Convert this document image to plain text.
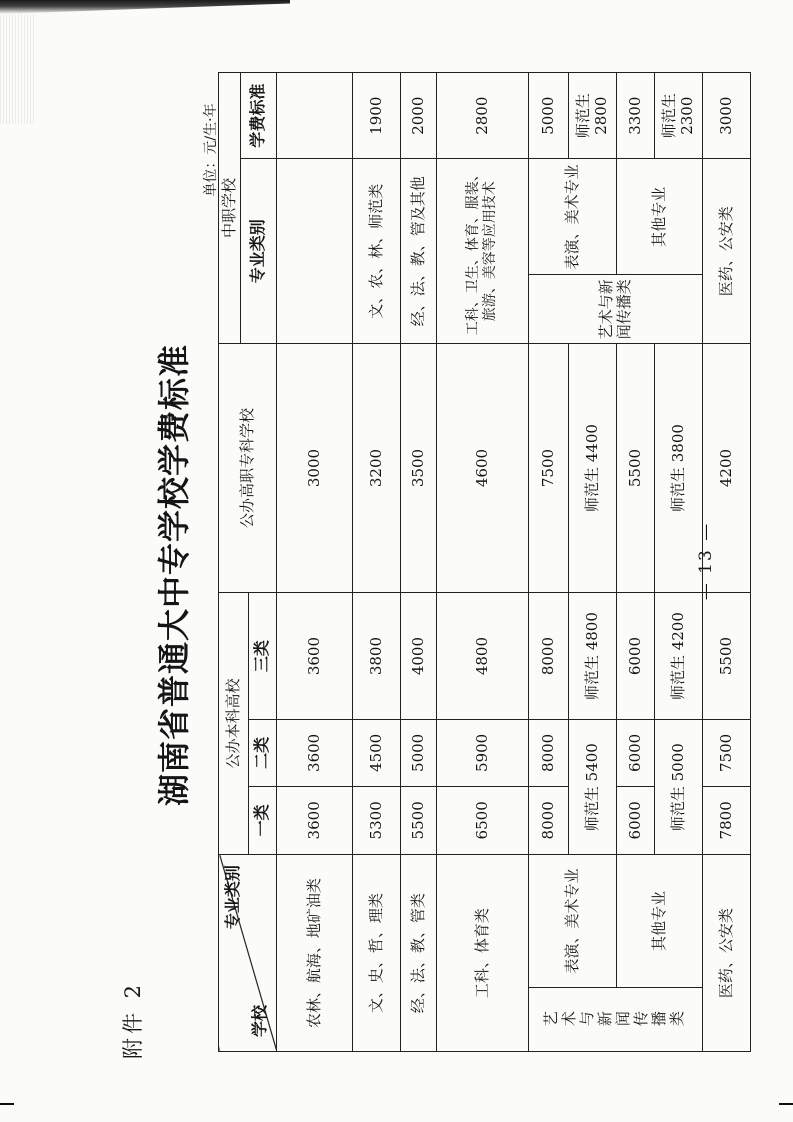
附件 2
湖南省普通大中专学校学费标准
单位：元/生·年
— 13 —
专业类别
学校		公办本科高校			公办高职专科学校	中职学校		
						专业类别		学费标准
		一类	二类	三类				
农林、航海、地矿油类		3600	3600	3600	3000			
文、史、哲、理类		5300	4500	3800	3200	文、农、林、师范类		1900
经、法、教、管类		5500	5000	4000	3500	经、法、教、管及其他		2000
工科、体育类		6500	5900	4800	4600	工科、卫生、体育、服装、旅游、美容等应用技术		2800

艺术与新闻传播类	表演、美术专业	8000	8000	8000	7500	艺术与新闻传播类	表演、美术专业	5000
		师范生 5400		师范生 4800	师范生 4400			师范生 2800
	其他专业	6000	6000	6000	5500		其他专业	3300
		师范生 5000		师范生 4200	师范生 3800			师范生 2300
医药、公安类		7800	7500	5500	4200	医药、公安类		3000
